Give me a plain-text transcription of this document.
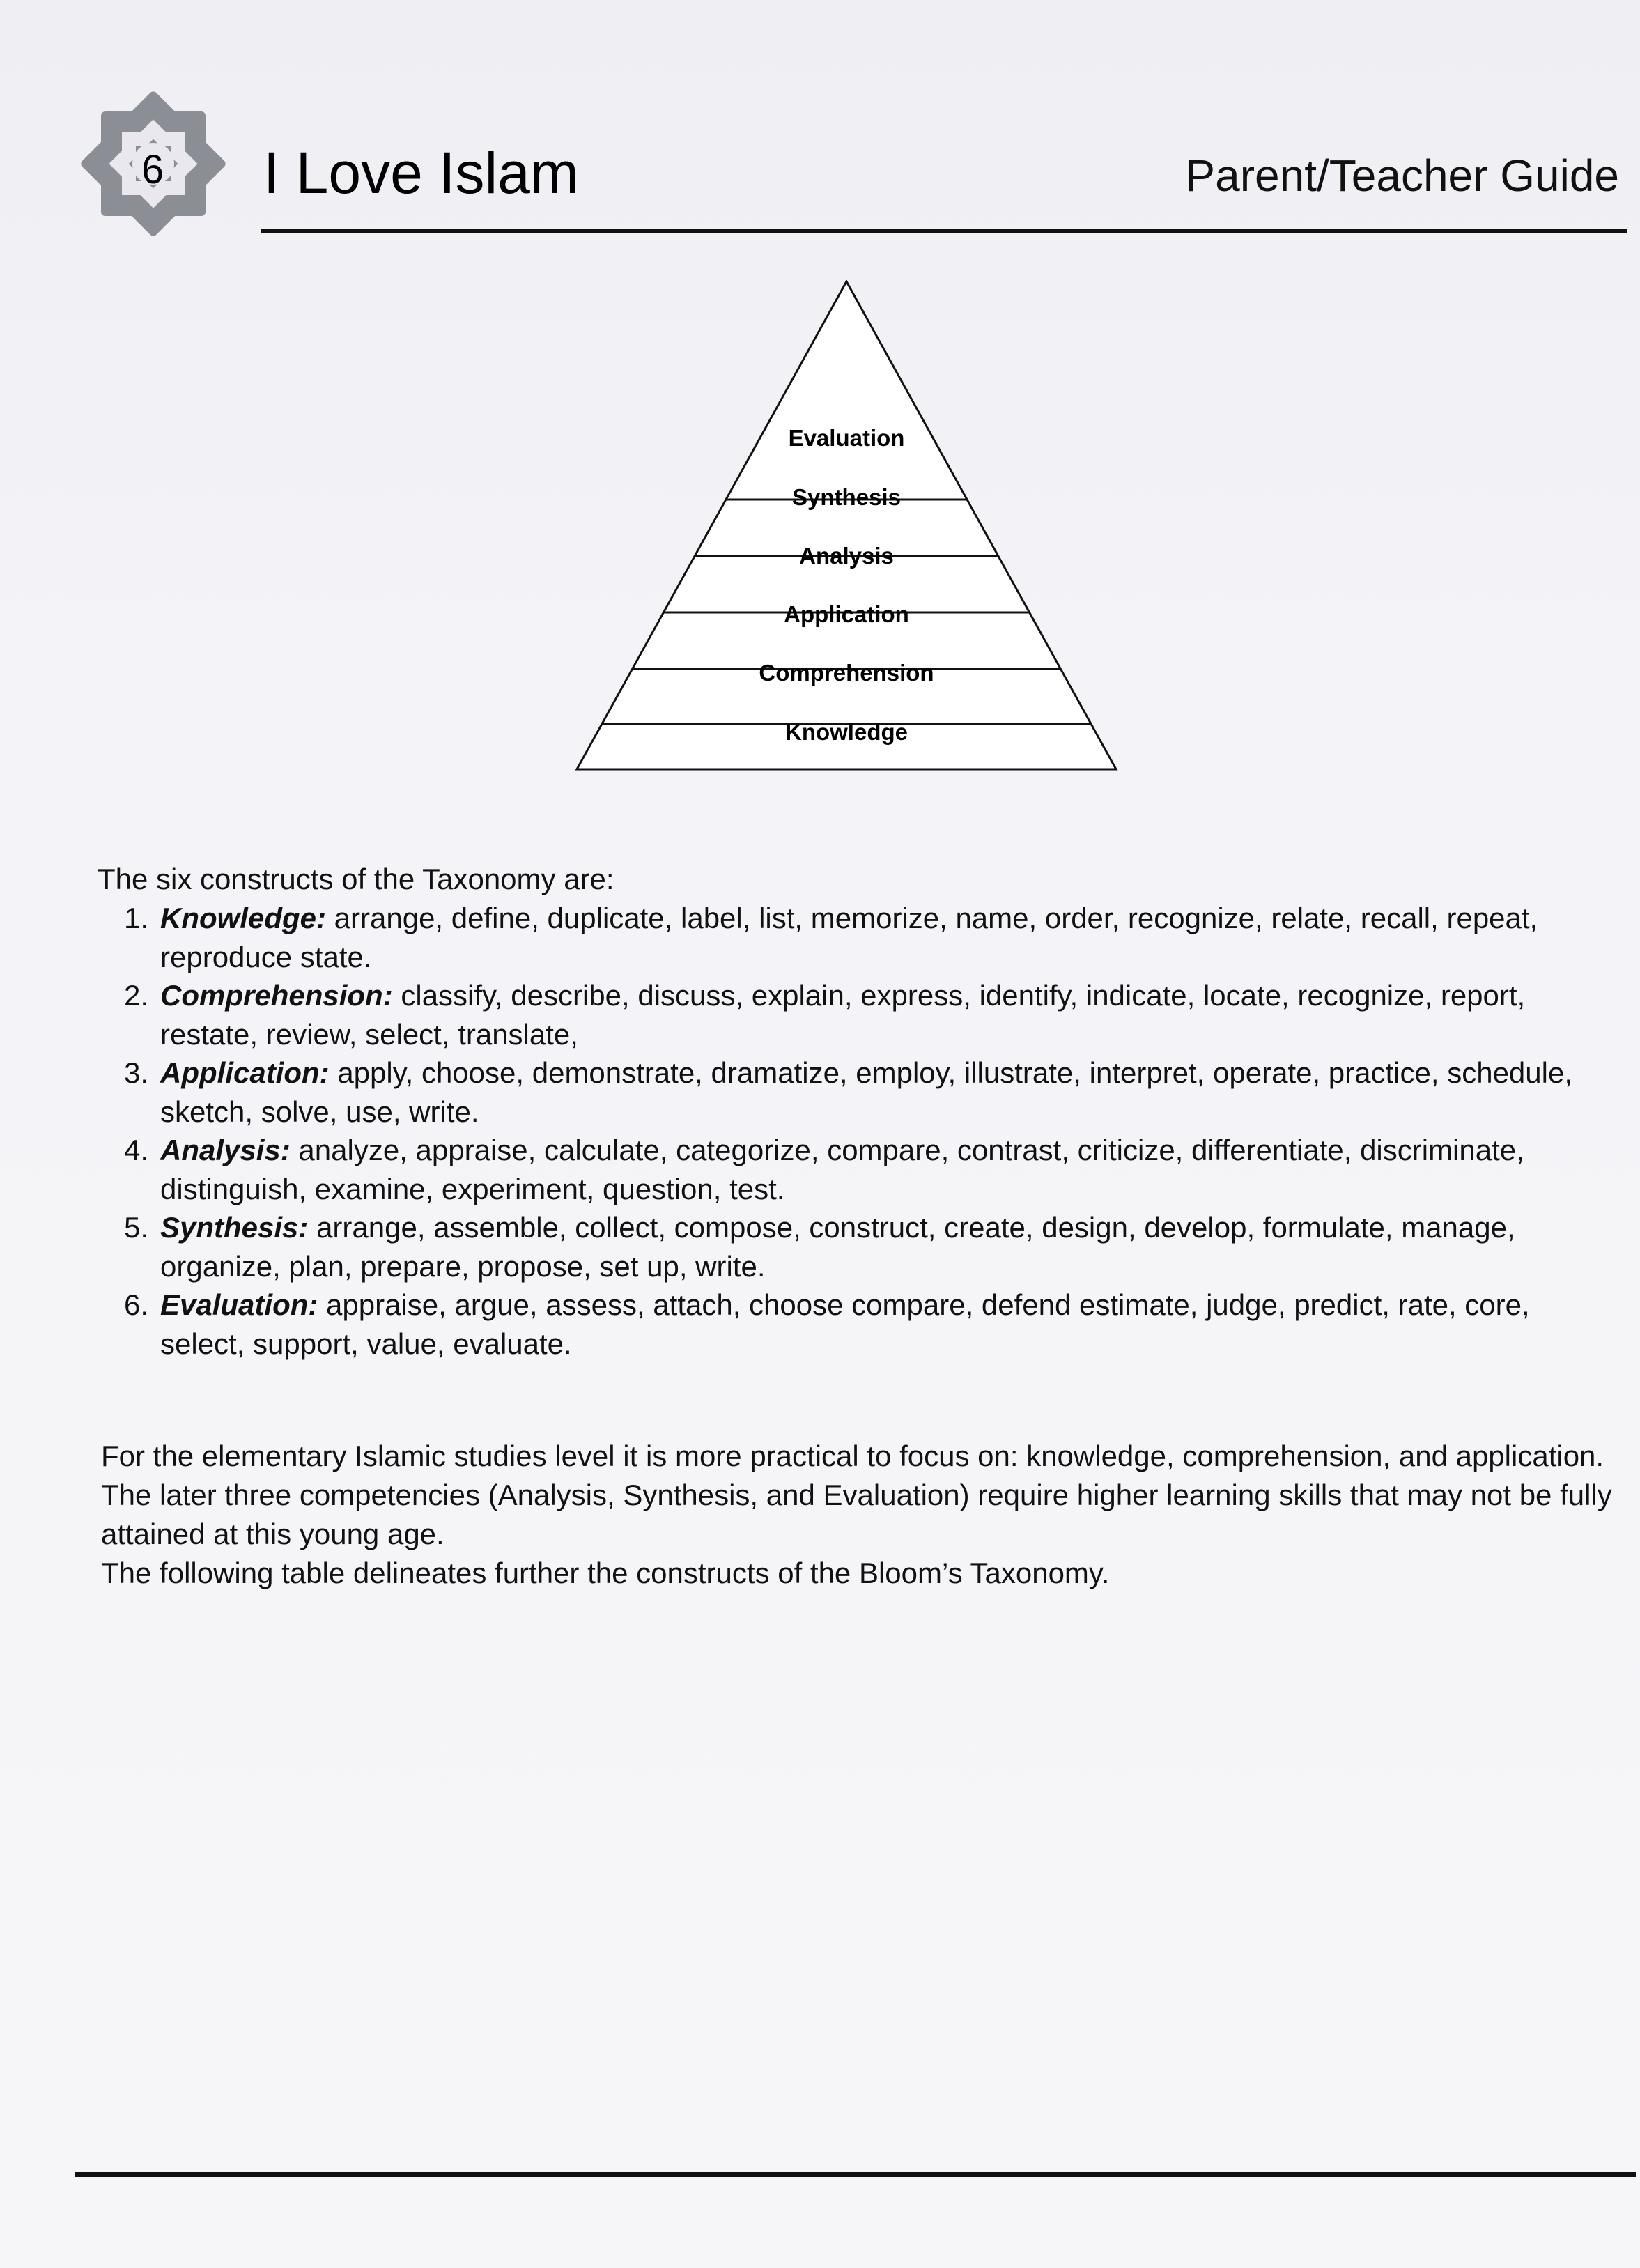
6 I Love Islam	Parent/Teacher Guide
Evaluation
Synthesis
Analysis
Application
Comprehension
Knowledge
The six constructs of the Taxonomy are:
1. Knowledge: arrange, define, duplicate, label, list, memorize, name, order, recognize, relate, recall, repeat, reproduce state.
2. Comprehension: classify, describe, discuss, explain, express, identify, indicate, locate, recognize, report, restate, review, select, translate,
3. Application: apply, choose, demonstrate, dramatize, employ, illustrate, interpret, operate, practice, schedule, sketch, solve, use, write.
4. Analysis: analyze, appraise, calculate, categorize, compare, contrast, criticize, differentiate, discriminate, distinguish, examine, experiment, question, test.
5. Synthesis: arrange, assemble, collect, compose, construct, create, design, develop, formulate, manage, organize, plan, prepare, propose, set up, write.
6. Evaluation: appraise, argue, assess, attach, choose compare, defend estimate, judge, predict, rate, core, select, support, value, evaluate.

For the elementary Islamic studies level it is more practical to focus on: knowledge, comprehension, and application. The later three competencies (Analysis, Synthesis, and Evaluation) require higher learning skills that may not be fully attained at this young age.

The following table delineates further the constructs of the Bloom’s Taxonomy.
